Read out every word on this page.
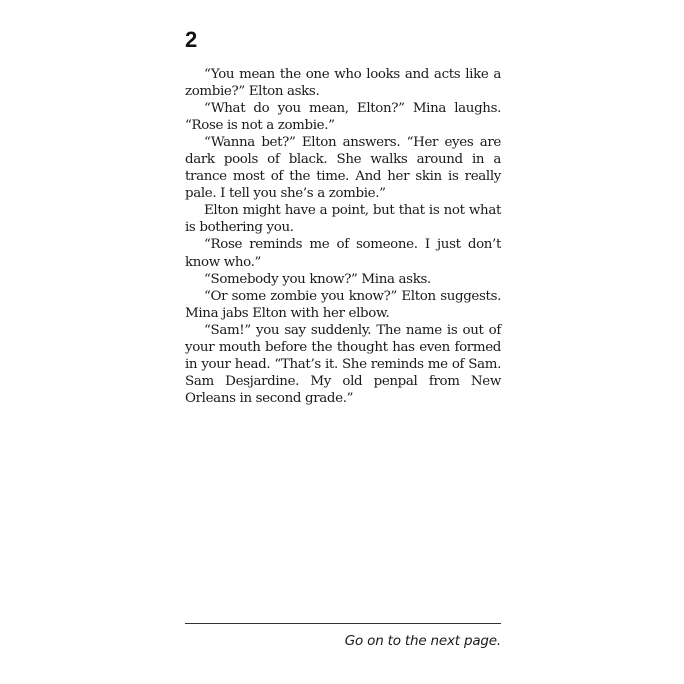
2

“You mean the one who looks and acts like a zombie?” Elton asks.

“What do you mean, Elton?” Mina laughs. “Rose is not a zombie.”

“Wanna bet?” Elton answers. “Her eyes are dark pools of black. She walks around in a trance most of the time. And her skin is really pale. I tell you she’s a zombie.”

Elton might have a point, but that is not what is bothering you.

“Rose reminds me of someone. I just don’t know who.”

“Somebody you know?” Mina asks.

“Or some zombie you know?” Elton suggests. Mina jabs Elton with her elbow.

“Sam!” you say suddenly. The name is out of your mouth before the thought has even formed in your head. “That’s it. She reminds me of Sam. Sam Desjardine. My old penpal from New Orleans in second grade.”

Go on to the next page.
